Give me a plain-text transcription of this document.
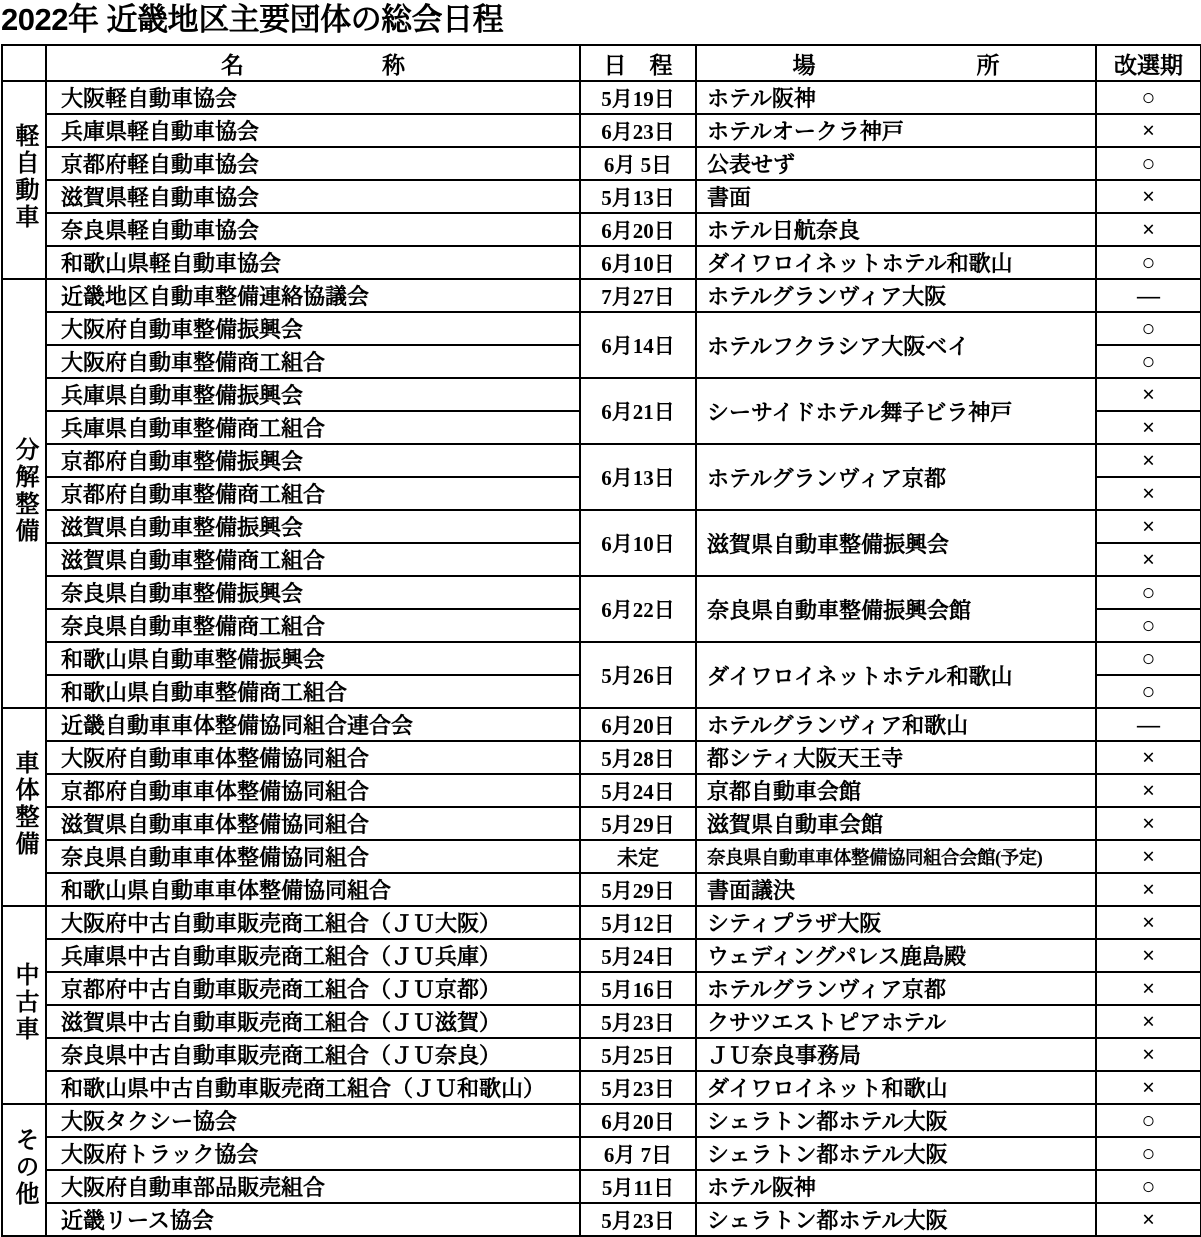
2022年 近畿地区主要団体の総会日程
	名　　　　　　称	日　程	場　　　　　　　所	改選期
軽自動車	大阪軽自動車協会	5月19日	ホテル阪神	○
	兵庫県軽自動車協会	6月23日	ホテルオークラ神戸	×
	京都府軽自動車協会	6月 5日	公表せず	○
	滋賀県軽自動車協会	5月13日	書面	×
	奈良県軽自動車協会	6月20日	ホテル日航奈良	×
	和歌山県軽自動車協会	6月10日	ダイワロイネットホテル和歌山	○
分解整備	近畿地区自動車整備連絡協議会	7月27日	ホテルグランヴィア大阪	—
	大阪府自動車整備振興会	6月14日	ホテルフクラシア大阪ベイ	○
	大阪府自動車整備商工組合			○
	兵庫県自動車整備振興会	6月21日	シーサイドホテル舞子ビラ神戸	×
	兵庫県自動車整備商工組合			×
	京都府自動車整備振興会	6月13日	ホテルグランヴィア京都	×
	京都府自動車整備商工組合			×
	滋賀県自動車整備振興会	6月10日	滋賀県自動車整備振興会	×
	滋賀県自動車整備商工組合			×
	奈良県自動車整備振興会	6月22日	奈良県自動車整備振興会館	○
	奈良県自動車整備商工組合			○
	和歌山県自動車整備振興会	5月26日	ダイワロイネットホテル和歌山	○
	和歌山県自動車整備商工組合			○
車体整備	近畿自動車車体整備協同組合連合会	6月20日	ホテルグランヴィア和歌山	—
	大阪府自動車車体整備協同組合	5月28日	都シティ大阪天王寺	×
	京都府自動車車体整備協同組合	5月24日	京都自動車会館	×
	滋賀県自動車車体整備協同組合	5月29日	滋賀県自動車会館	×
	奈良県自動車車体整備協同組合	未定	奈良県自動車車体整備協同組合会館(予定)	×
	和歌山県自動車車体整備協同組合	5月29日	書面議決	×
中古車	大阪府中古自動車販売商工組合（ＪＵ大阪）	5月12日	シティプラザ大阪	×
	兵庫県中古自動車販売商工組合（ＪＵ兵庫）	5月24日	ウェディングパレス鹿島殿	×
	京都府中古自動車販売商工組合（ＪＵ京都）	5月16日	ホテルグランヴィア京都	×
	滋賀県中古自動車販売商工組合（ＪＵ滋賀）	5月23日	クサツエストピアホテル	×
	奈良県中古自動車販売商工組合（ＪＵ奈良）	5月25日	ＪＵ奈良事務局	×
	和歌山県中古自動車販売商工組合（ＪＵ和歌山）	5月23日	ダイワロイネット和歌山	×
その他	大阪タクシー協会	6月20日	シェラトン都ホテル大阪	○
	大阪府トラック協会	6月 7日	シェラトン都ホテル大阪	○
	大阪府自動車部品販売組合	5月11日	ホテル阪神	○
	近畿リース協会	5月23日	シェラトン都ホテル大阪	×
